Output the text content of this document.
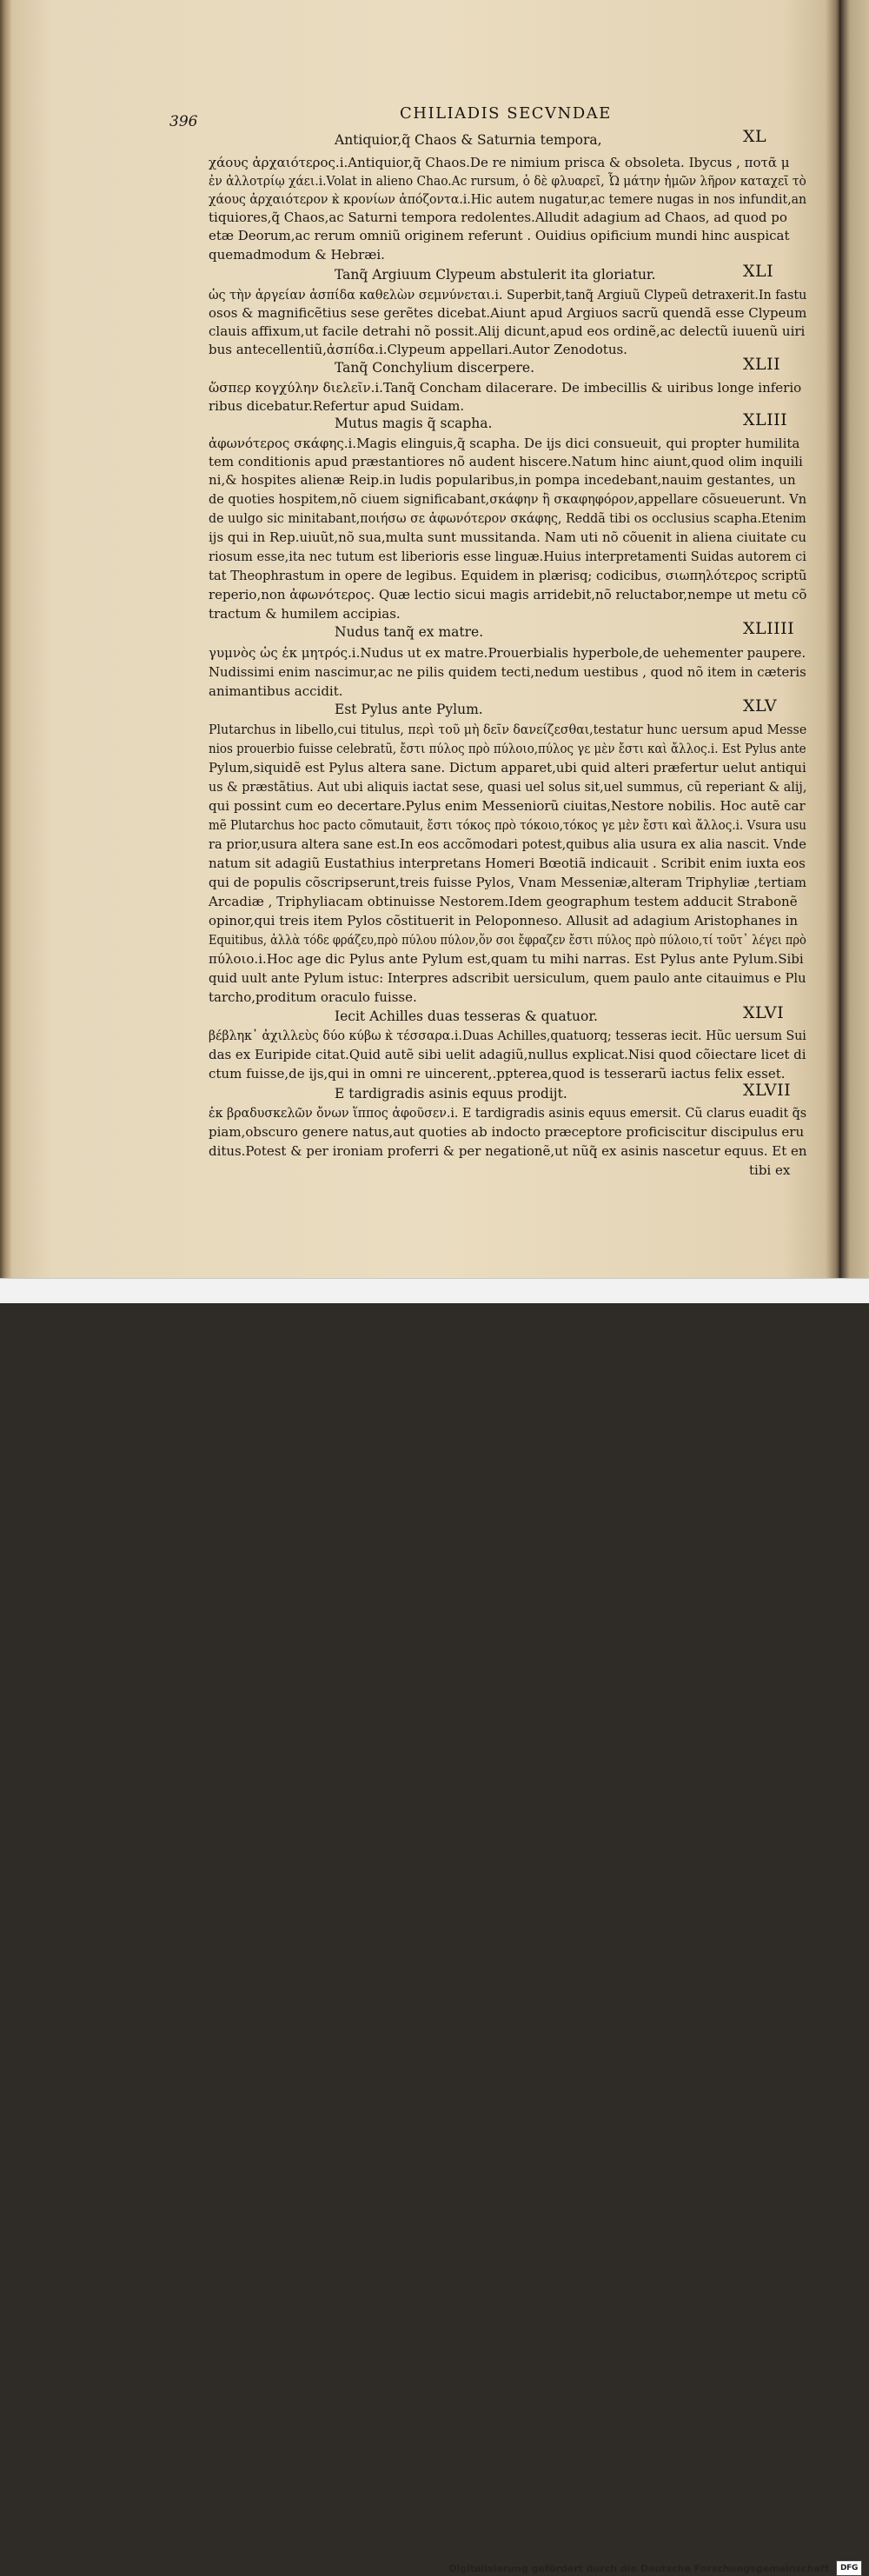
396	CHILIADIS SECVNDAE
Antiquior,q̃ Chaos & Saturnia tempora,	XL
χάους ἀρχαιότερος.i.Antiquior,q̃ Chaos.De re nimium prisca & obsoleta. Ibycus , ποτᾶ μ
ἐν ἀλλοτρίῳ χάει.i.Volat in alieno Chao.Ac rursum, ὁ δὲ φλυαρεῖ, Ὦ μάτην ἡμῶν λῆρον καταχεῖ τὸ
χάους ἀρχαιότερον κ̀ κρονίων ἀπόζοντα.i.Hic autem nugatur,ac temere nugas in nos infundit,an
tiquiores,q̃ Chaos,ac Saturni tempora redolentes.Alludit adagium ad Chaos, ad quod po
etæ Deorum,ac rerum omniũ originem referunt . Ouidius opificium mundi hinc auspicat
quemadmodum & Hebræi.
Tanq̃ Argiuum Clypeum abstulerit ita gloriatur.	XLI
ὡς τὴν ἀργείαν ἀσπίδα καθελὼν σεμνύνεται.i. Superbit,tanq̃ Argiuũ Clypeũ detraxerit.In fastu
osos & magnificẽtius sese gerẽtes dicebat.Aiunt apud Argiuos sacrũ quendã esse Clypeum
clauis affixum,ut facile detrahi nõ possit.Alij dicunt,apud eos ordinẽ,ac delectũ iuuenũ uiri
bus antecellentiũ,ἀσπίδα.i.Clypeum appellari.Autor Zenodotus.
Tanq̃ Conchylium discerpere.	XLII
ὥσπερ κογχύλην διελεῖν.i.Tanq̃ Concham dilacerare. De imbecillis & uiribus longe inferio
ribus dicebatur.Refertur apud Suidam.
Mutus magis q̃ scapha.	XLIII
ἀφωνότερος σκάφης.i.Magis elinguis,q̃ scapha. De ijs dici consueuit, qui propter humilita
tem conditionis apud præstantiores nõ audent hiscere.Natum hinc aiunt,quod olim inquili
ni,& hospites alienæ Reip.in ludis popularibus,in pompa incedebant,nauim gestantes, un
de quoties hospitem,nõ ciuem significabant,σκάφην ἢ σκαφηφόρον,appellare cõsueuerunt. Vn
de uulgo sic minitabant,ποιήσω σε ἀφωνότερον σκάφης, Reddã tibi os occlusius scapha.Etenim
ijs qui in Rep.uiuũt,nõ sua,multa sunt mussitanda. Nam uti nõ cõuenit in aliena ciuitate cu
riosum esse,ita nec tutum est liberioris esse linguæ.Huius interpretamenti Suidas autorem ci
tat Theophrastum in opere de legibus. Equidem in plærisq; codicibus, σιωπηλότερος scriptũ
reperio,non ἀφωνότερος. Quæ lectio sicui magis arridebit,nõ reluctabor,nempe ut metu cõ
tractum & humilem accipias.
Nudus tanq̃ ex matre.	XLIIII
γυμνὸς ὡς ἐκ μητρός.i.Nudus ut ex matre.Prouerbialis hyperbole,de uehementer paupere.
Nudissimi enim nascimur,ac ne pilis quidem tecti,nedum uestibus , quod nõ item in cæteris
animantibus accidit.
Est Pylus ante Pylum.	XLV
Plutarchus in libello,cui titulus, περὶ τοῦ μὴ δεῖν δανείζεσθαι,testatur hunc uersum apud Messe
nios prouerbio fuisse celebratũ, ἔστι πύλος πρὸ πύλοιο,πύλος γε μὲν ἔστι καὶ ἄλλος.i. Est Pylus ante
Pylum,siquidẽ est Pylus altera sane. Dictum apparet,ubi quid alteri præfertur uelut antiqui
us & præstãtius. Aut ubi aliquis iactat sese, quasi uel solus sit,uel summus, cũ reperiant & alij,
qui possint cum eo decertare.Pylus enim Messeniorũ ciuitas,Nestore nobilis. Hoc autẽ car
mẽ Plutarchus hoc pacto cõmutauit, ἔστι τόκος πρὸ τόκοιο,τόκος γε μὲν ἔστι καὶ ἄλλος.i. Vsura usu
ra prior,usura altera sane est.In eos accõmodari potest,quibus alia usura ex alia nascit. Vnde
natum sit adagiũ Eustathius interpretans Homeri Bœotiã indicauit . Scribit enim iuxta eos
qui de populis cõscripserunt,treis fuisse Pylos, Vnam Messeniæ,alteram Triphyliæ ,tertiam
Arcadiæ , Triphyliacam obtinuisse Nestorem.Idem geographum testem adducit Strabonẽ
opinor,qui treis item Pylos cõstituerit in Peloponneso. Allusit ad adagium Aristophanes in
Equitibus, ἀλλὰ τόδε φράζευ,πρὸ πύλου πύλον,ὅν σοι ἔφραζεν ἔστι πύλος πρὸ πύλοιο,τί τοῦτ᾽ λέγει πρὸ
πύλοιο.i.Hoc age dic Pylus ante Pylum est,quam tu mihi narras. Est Pylus ante Pylum.Sibi
quid uult ante Pylum istuc: Interpres adscribit uersiculum, quem paulo ante citauimus e Plu
tarcho,proditum oraculo fuisse.
Iecit Achilles duas tesseras & quatuor.	XLVI
βέβληκ᾽ ἀχιλλεὺς δύο κύβω κ̀ τέσσαρα.i.Duas Achilles,quatuorq; tesseras iecit. Hũc uersum Sui
das ex Euripide citat.Quid autẽ sibi uelit adagiũ,nullus explicat.Nisi quod cõiectare licet di
ctum fuisse,de ijs,qui in omni re uincerent,.ppterea,quod is tesserarũ iactus felix esset.
E tardigradis asinis equus prodijt.	XLVII
ἐκ βραδυσκελῶν ὄνων ἵππος ἀφοῦσεν.i. E tardigradis asinis equus emersit. Cũ clarus euadit q̃s
piam,obscuro genere natus,aut quoties ab indocto præceptore proficiscitur discipulus eru
ditus.Potest & per ironiam proferri & per negationẽ,ut nũq̃ ex asinis nascetur equus. Et en
tibi ex
Digitalisierung gefördert durch die Deutsche Forschungsgemeinschaft	DFG
